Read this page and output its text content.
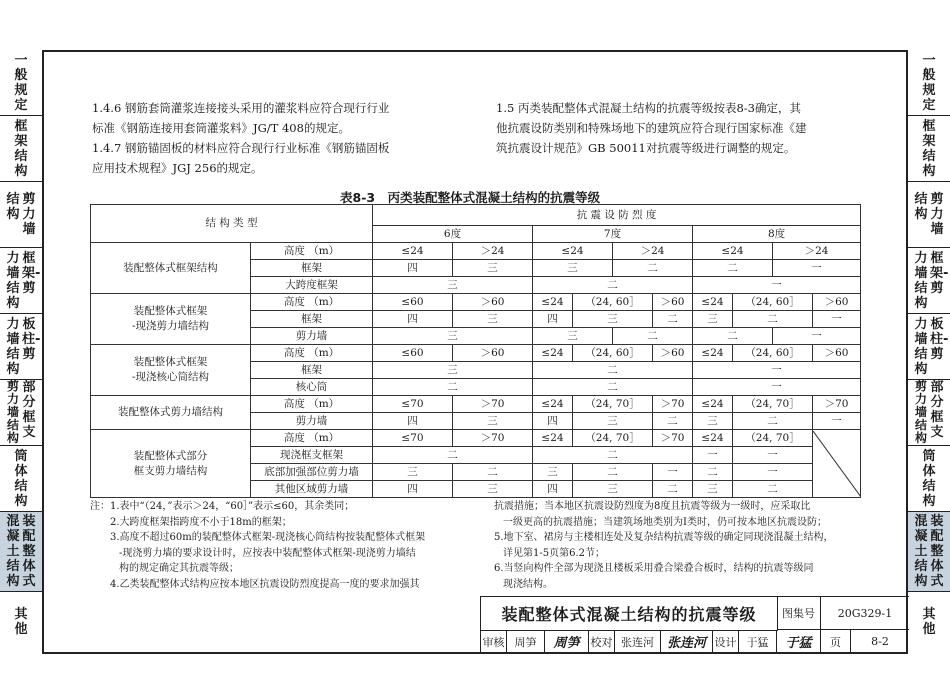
一般规定
框架结构
结构
剪力墙
力墙结构
框架-剪
力墙结构
板柱-剪
剪力墙结构
部分框支
筒体结构
混凝土结构
装配整体式
其他
一般规定
框架结构
结构
剪力墙
力墙结构
框架-剪
力墙结构
板柱-剪
剪力墙结构
部分框支
筒体结构
混凝土结构
装配整体式
其他
1.4.6 钢筋套筒灌浆连接接头采用的灌浆料应符合现行行业
标准《钢筋连接用套筒灌浆料》JG/T 408的规定。
1.4.7 钢筋锚固板的材料应符合现行行业标准《钢筋锚固板
应用技术规程》JGJ 256的规定。
1.5 丙类装配整体式混凝土结构的抗震等级按表8-3确定，其
他抗震设防类别和特殊场地下的建筑应符合现行国家标准《建
筑抗震设计规范》GB 50011对抗震等级进行调整的规定。
表8-3　丙类装配整体式混凝土结构的抗震等级
结 构 类 型		抗 震 设 防 烈 度									
		6度		7度				8度			
装配整体式框架结构	高度 （m）	≤24	＞24	≤24		＞24		≤24		＞24	
	框架	四	三	三		二		二		一	
	大跨度框架	三		二				一			

装配整体式框架
-现浇剪力墙结构	高度 （m）	≤60	＞60	≤24	（24, 60］		＞60	≤24	（24, 60］		＞60
	框架	四	三	四	三		二	三	二		一
	剪力墙	三		三		二		二		一	

装配整体式框架
-现浇核心筒结构	高度 （m）	≤60	＞60	≤24	（24, 60］		＞60	≤24	（24, 60］		＞60
	框架	三		二				一			
	核心筒	二		二				一			
装配整体式剪力墙结构	高度 （m）	≤70	＞70	≤24	（24, 70］		＞70	≤24	（24, 70］		＞70
	剪力墙	四	三	四	三		二	三	二		一

装配整体式部分
框支剪力墙结构	高度 （m）	≤70	＞70	≤24	（24, 70］		＞70	≤24	（24, 70］	

	现浇框支框架	二		二				一	一		
	底部加强部位剪力墙	三	二	三	二		一	二	一		
	其他区域剪力墙	四	三	四	三		二	三	二		

注：1.表中“（24，”表示＞24，“60］”表示≤60，其余类同；

2.大跨度框架指跨度不小于18m的框架；

3.高度不超过60m的装配整体式框架-现浇核心筒结构按装配整体式框架

-现浇剪力墙的要求设计时，应按表中装配整体式框架-现浇剪力墙结

构的规定确定其抗震等级；

4.乙类装配整体式结构应按本地区抗震设防烈度提高一度的要求加强其

抗震措施；当本地区抗震设防烈度为8度且抗震等级为一级时，应采取比

一级更高的抗震措施；当建筑场地类别为I类时，仍可按本地区抗震设防；

5.地下室、裙房与主楼相连处及复杂结构抗震等级的确定同现浇混凝土结构，

详见第1-5页第6.2节；

6.当竖向构件全部为现浇且楼板采用叠合梁叠合板时，结构的抗震等级同

现浇结构。

装配整体式混凝土结构的抗震等级	图集号	20G329-1
审核 周笋	周笋	校对 张连河 张连河 设计 于猛	于猛	页	8-2
